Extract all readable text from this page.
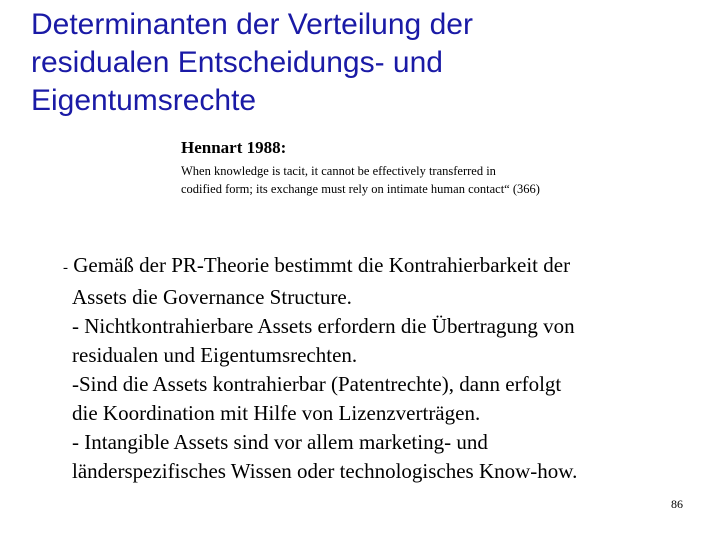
Determinanten der Verteilung der
residualen Entscheidungs- und
Eigentumsrechte

Hennart 1988:

When knowledge is tacit, it cannot be effectively transferred in
codified form; its exchange must rely on intimate human contact“ (366)

- Gemäß der PR-Theorie bestimmt die Kontrahierbarkeit der
Assets die Governance Structure.
- Nichtkontrahierbare Assets erfordern die Übertragung von
residualen und Eigentumsrechten.
-Sind die Assets kontrahierbar (Patentrechte), dann erfolgt
die Koordination mit Hilfe von Lizenzverträgen.
- Intangible Assets sind vor allem marketing- und
länderspezifisches Wissen oder technologisches Know-how.
86
